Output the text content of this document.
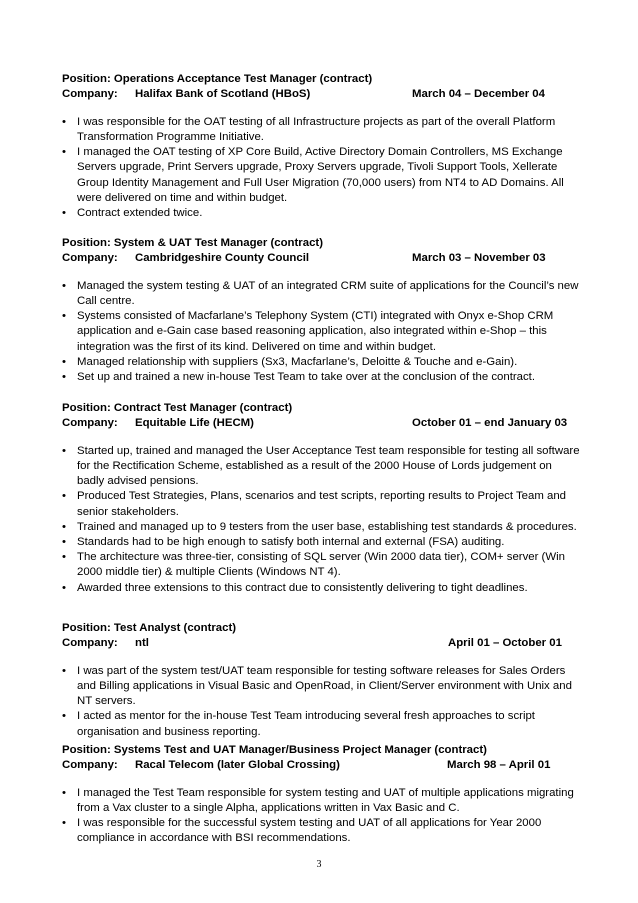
Position: Operations Acceptance Test Manager (contract)
Company: Halifax Bank of Scotland (HBoS)	March 04 – December 04
• I was responsible for the OAT testing of all Infrastructure projects as part of the overall Platform Transformation Programme Initiative.
• I managed the OAT testing of XP Core Build, Active Directory Domain Controllers, MS Exchange Servers upgrade, Print Servers upgrade, Proxy Servers upgrade, Tivoli Support Tools, Xellerate Group Identity Management and Full User Migration (70,000 users) from NT4 to AD Domains. All were delivered on time and within budget.
• Contract extended twice.
Position: System & UAT Test Manager (contract)
Company: Cambridgeshire County Council	March 03 – November 03
• Managed the system testing & UAT of an integrated CRM suite of applications for the Council’s new Call centre.
• Systems consisted of Macfarlane’s Telephony System (CTI) integrated with Onyx e-Shop CRM application and e-Gain case based reasoning application, also integrated within e-Shop – this integration was the first of its kind. Delivered on time and within budget.
• Managed relationship with suppliers (Sx3, Macfarlane’s, Deloitte & Touche and e-Gain).
• Set up and trained a new in-house Test Team to take over at the conclusion of the contract.
Position: Contract Test Manager (contract)
Company: Equitable Life (HECM)	October 01 – end January 03
• Started up, trained and managed the User Acceptance Test team responsible for testing all software for the Rectification Scheme, established as a result of the 2000 House of Lords judgement on badly advised pensions.
• Produced Test Strategies, Plans, scenarios and test scripts, reporting results to Project Team and senior stakeholders.
• Trained and managed up to 9 testers from the user base, establishing test standards & procedures.
• Standards had to be high enough to satisfy both internal and external (FSA) auditing.
• The architecture was three-tier, consisting of SQL server (Win 2000 data tier), COM+ server (Win 2000 middle tier) & multiple Clients (Windows NT 4).
• Awarded three extensions to this contract due to consistently delivering to tight deadlines.
Position: Test Analyst (contract)
Company: ntl	April 01 – October 01
• I was part of the system test/UAT team responsible for testing software releases for Sales Orders and Billing applications in Visual Basic and OpenRoad, in Client/Server environment with Unix and NT servers.
• I acted as mentor for the in-house Test Team introducing several fresh approaches to script organisation and business reporting.
Position: Systems Test and UAT Manager/Business Project Manager (contract)
Company: Racal Telecom (later Global Crossing)	March 98 – April 01
• I managed the Test Team responsible for system testing and UAT of multiple applications migrating from a Vax cluster to a single Alpha, applications written in Vax Basic and C.
• I was responsible for the successful system testing and UAT of all applications for Year 2000 compliance in accordance with BSI recommendations.
3
